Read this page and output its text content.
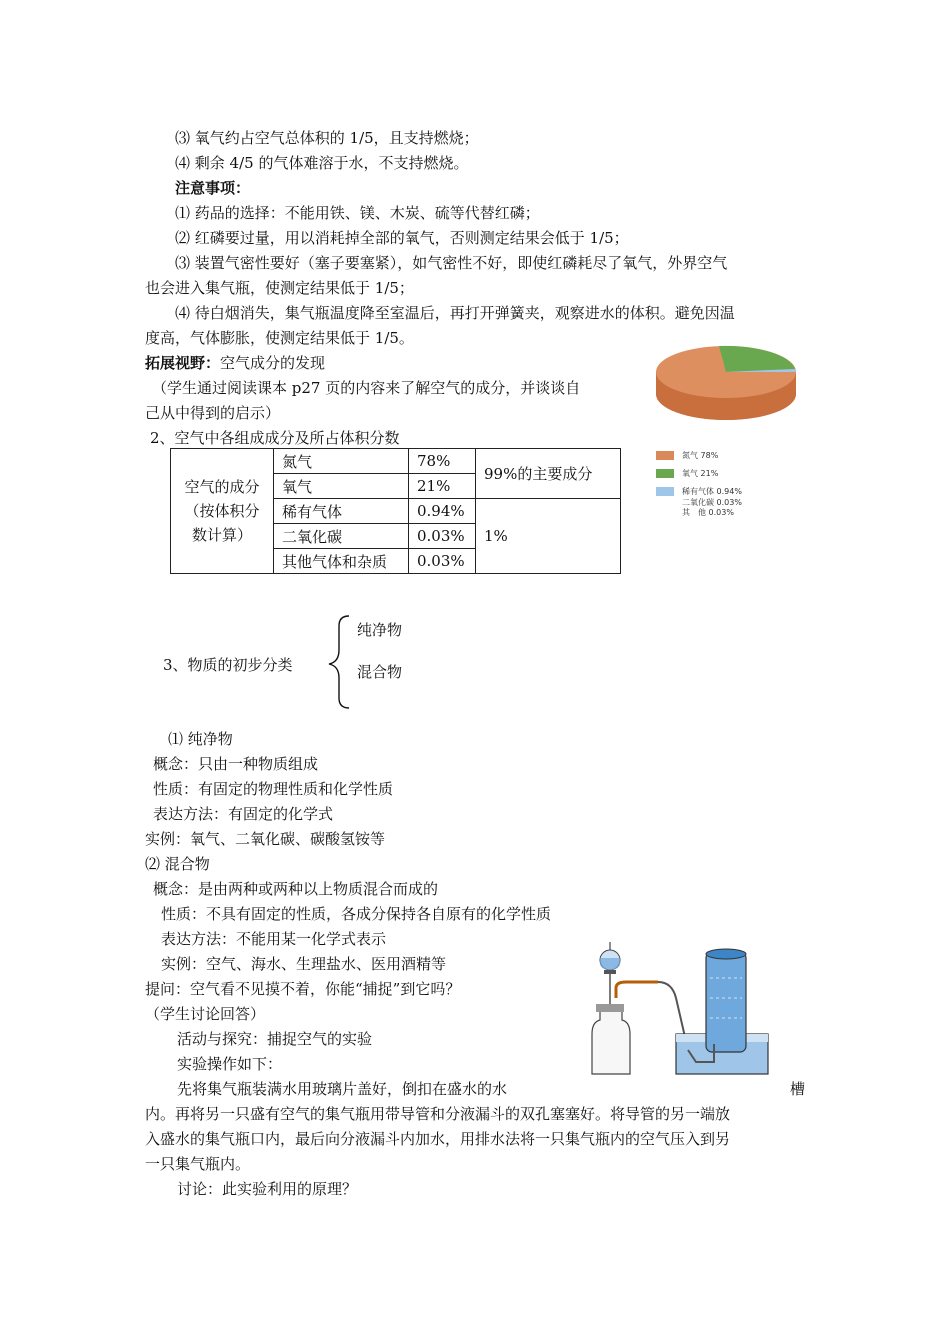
⑶ 氧气约占空气总体积的 1/5，且支持燃烧；
⑷ 剩余 4/5 的气体难溶于水，不支持燃烧。
注意事项：
⑴ 药品的选择：不能用铁、镁、木炭、硫等代替红磷；
⑵ 红磷要过量，用以消耗掉全部的氧气，否则测定结果会低于 1/5；
⑶ 装置气密性要好（塞子要塞紧），如气密性不好，即使红磷耗尽了氧气，外界空气
也会进入集气瓶，使测定结果低于 1/5；
⑷ 待白烟消失，集气瓶温度降至室温后，再打开弹簧夹，观察进水的体积。避免因温
度高，气体膨胀，使测定结果低于 1/5。
拓展视野：空气成分的发现
（学生通过阅读课本 p27 页的内容来了解空气的成分，并谈谈自
己从中得到的启示）
2、空气中各组成成分及所占体积分数
氮气
78%
氧气
21%
稀有气体
0.94%
二氧化碳
0.03%
其　他
0.03%
空气的成分
（按体积分
数计算）	氮气	78%	99%的主要成分
	氧气	21%	
	稀有气体	0.94%	1%
	二氧化碳	0.03%	
	其他气体和杂质	0.03%	
3、物质的初步分类
纯净物
混合物
⑴ 纯净物
概念：只由一种物质组成
性质：有固定的物理性质和化学性质
表达方法：有固定的化学式
实例：氧气、二氧化碳、碳酸氢铵等
⑵ 混合物
概念：是由两种或两种以上物质混合而成的
性质：不具有固定的性质，各成分保持各自原有的化学性质
表达方法：不能用某一化学式表示
实例：空气、海水、生理盐水、医用酒精等
提问：空气看不见摸不着，你能“捕捉”到它吗？
（学生讨论回答）
活动与探究：捕捉空气的实验
实验操作如下：
先将集气瓶装满水用玻璃片盖好，倒扣在盛水的水	槽
内。再将另一只盛有空气的集气瓶用带导管和分液漏斗的双孔塞塞好。将导管的另一端放
入盛水的集气瓶口内，最后向分液漏斗内加水，用排水法将一只集气瓶内的空气压入到另
一只集气瓶内。
讨论：此实验利用的原理？
